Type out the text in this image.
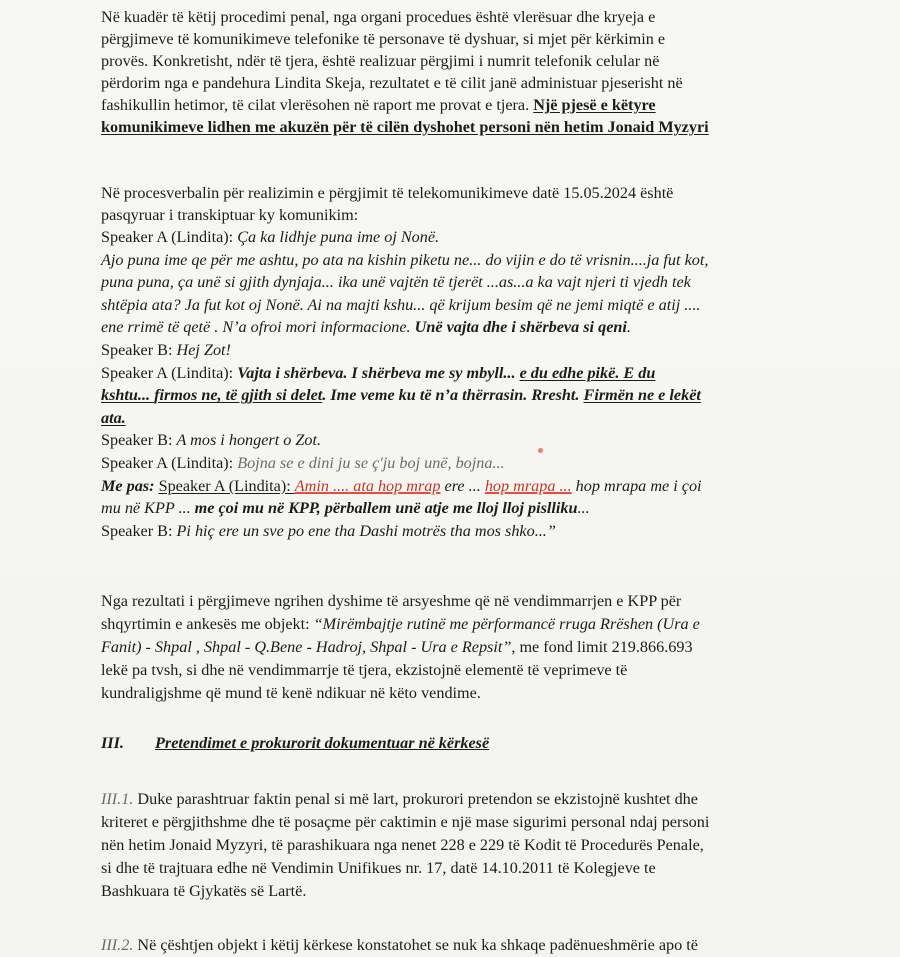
Në kuadër të këtij procedimi penal, nga organi procedues është vlerësuar dhe kryeja e
përgjimeve të komunikimeve telefonike të personave të dyshuar, si mjet për kërkimin e
provës. Konkretisht, ndër të tjera, është realizuar përgjimi i numrit telefonik celular në
përdorim nga e pandehura Lindita Skeja, rezultatet e të cilit janë administuar pjeserisht në
fashikullin hetimor, të cilat vlerësohen në raport me provat e tjera. Një pjesë e këtyre
komunikimeve lidhen me akuzën për të cilën dyshohet personi nën hetim Jonaid Myzyri
Në procesverbalin për realizimin e përgjimit të telekomunikimeve datë 15.05.2024 është
pasqyruar i transkiptuar ky komunikim:
Speaker A (Lindita): Ça ka lidhje puna ime oj Nonë.
Ajo puna ime qe për me ashtu, po ata na kishin piketu ne... do vijin e do të vrisnin....ja fut kot,
puna puna, ça unë si gjith dynjaja... ika unë vajtën të tjerët ...as...a ka vajt njeri ti vjedh tek
shtëpia ata? Ja fut kot oj Nonë. Ai na majti kshu... që krijum besim që ne jemi miqtë e atij ....
ene rrimë të qetë . N’a ofroi mori informacione. Unë vajta dhe i shërbeva si qeni.
Speaker B: Hej Zot!
Speaker A (Lindita): Vajta i shërbeva. I shërbeva me sy mbyll... e du edhe pikë. E du
kshtu... firmos ne, të gjith si delet. Ime veme ku të n’a thërrasin. Rresht. Firmën ne e lekët
ata.
Speaker B: A mos i hongert o Zot.
Speaker A (Lindita): Bojna se e dini ju se ç'ju boj unë, bojna...
Me pas: Speaker A (Lindita): Amin .... ata hop mrap ere ... hop mrapa ... hop mrapa me i çoi
mu në KPP ... me çoi mu në KPP, përballem unë atje me lloj lloj pislliku...
Speaker B: Pi hiç ere un sve po ene tha Dashi motrës tha mos shko...”
Nga rezultati i përgjimeve ngrihen dyshime të arsyeshme që në vendimmarrjen e KPP për
shqyrtimin e ankesës me objekt: “Mirëmbajtje rutinë me përformancë rruga Rrëshen (Ura e
Fanit) - Shpal , Shpal - Q.Bene - Hadroj, Shpal - Ura e Repsit”, me fond limit 219.866.693
lekë pa tvsh, si dhe në vendimmarrje të tjera, ekzistojnë elementë të veprimeve të
kundraligjshme që mund të kenë ndikuar në këto vendime.
III. Pretendimet e prokurorit dokumentuar në kërkesë
III.1. Duke parashtruar faktin penal si më lart, prokurori pretendon se ekzistojnë kushtet dhe
kriteret e përgjithshme dhe të posaçme për caktimin e një mase sigurimi personal ndaj personi
nën hetim Jonaid Myzyri, të parashikuara nga nenet 228 e 229 të Kodit të Procedurës Penale,
si dhe të trajtuara edhe në Vendimin Unifikues nr. 17, datë 14.10.2011 të Kolegjeve te
Bashkuara të Gjykatës së Lartë.
III.2. Në çështjen objekt i këtij kërkese konstatohet se nuk ka shkaqe padënueshmërie apo të
